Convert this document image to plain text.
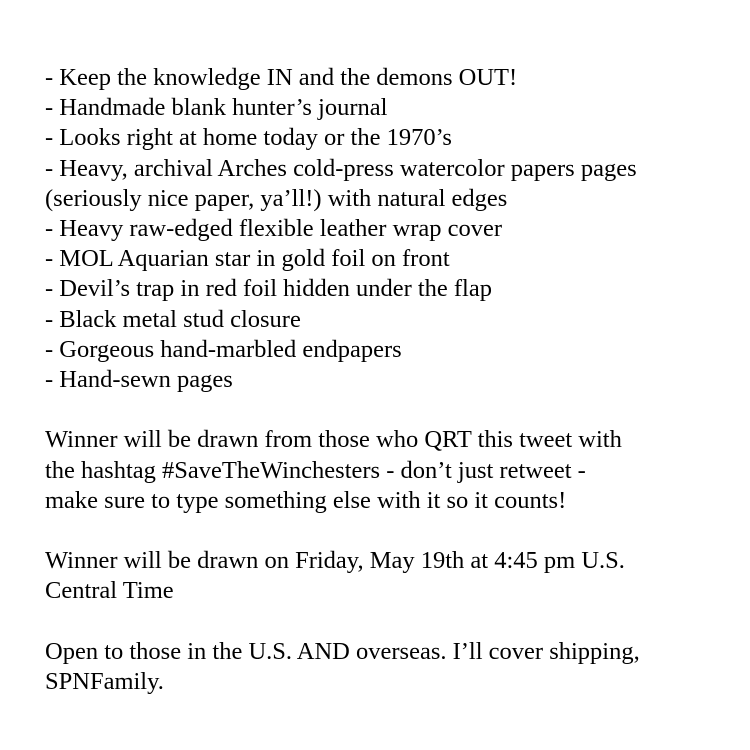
- Keep the knowledge IN and the demons OUT!
- Handmade blank hunter’s journal
- Looks right at home today or the 1970’s
- Heavy, archival Arches cold-press watercolor papers pages
(seriously nice paper, ya’ll!) with natural edges
- Heavy raw-edged flexible leather wrap cover
- MOL Aquarian star in gold foil on front
- Devil’s trap in red foil hidden under the flap
- Black metal stud closure
- Gorgeous hand-marbled endpapers
- Hand-sewn pages

Winner will be drawn from those who QRT this tweet with
the hashtag #SaveTheWinchesters - don’t just retweet -
make sure to type something else with it so it counts!

Winner will be drawn on Friday, May 19th at 4:45 pm U.S.
Central Time

Open to those in the U.S. AND overseas. I’ll cover shipping,
SPNFamily.
